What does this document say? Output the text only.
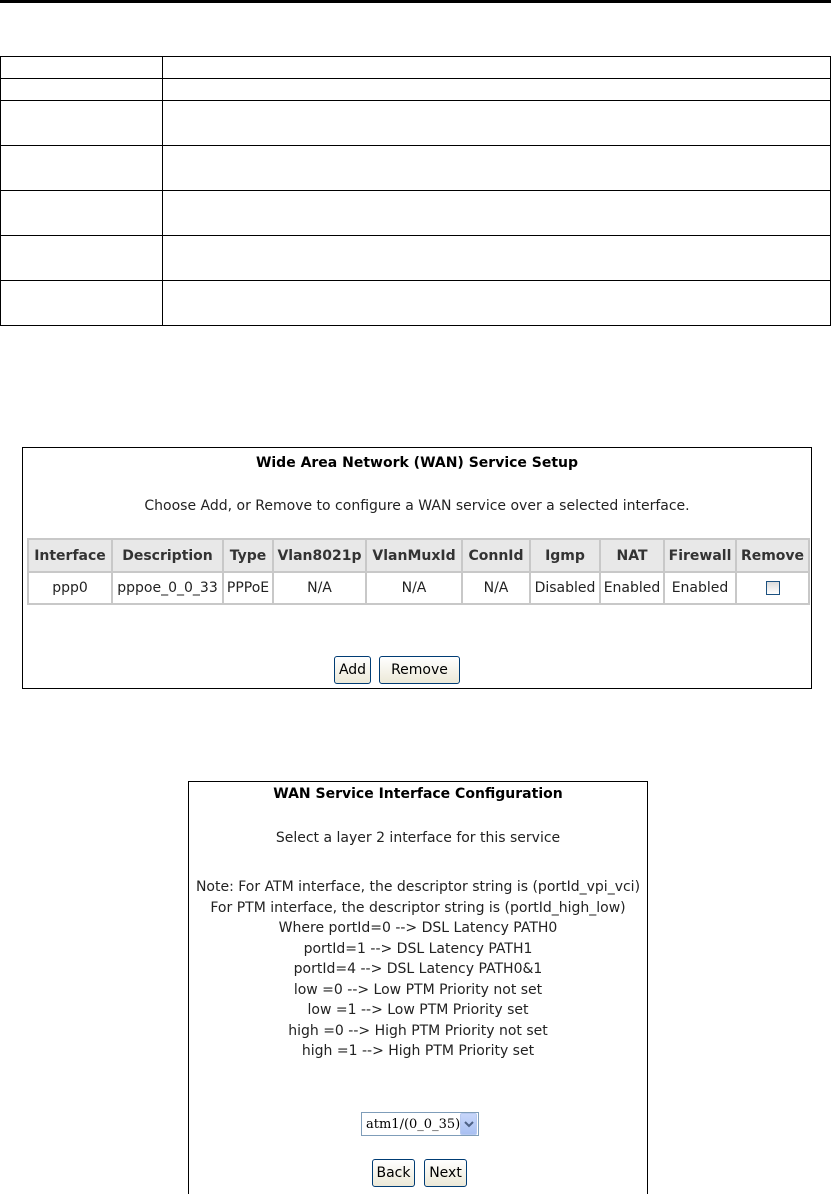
Wide Area Network (WAN) Service Setup
Choose Add, or Remove to configure a WAN service over a selected interface.
Interface	Description	Type	Vlan8021p	VlanMuxId	ConnId	Igmp	NAT	Firewall	Remove
ppp0	pppoe_0_0_33	PPPoE	N/A	N/A	N/A	Disabled	Enabled	Enabled	
Add	Remove
WAN Service Interface Configuration
Select a layer 2 interface for this service
Note: For ATM interface, the descriptor string is (portId_vpi_vci)
For PTM interface, the descriptor string is (portId_high_low)
Where portId=0 --> DSL Latency PATH0
portId=1 --> DSL Latency PATH1
portId=4 --> DSL Latency PATH0&1
low =0 --> Low PTM Priority not set
low =1 --> Low PTM Priority set
high =0 --> High PTM Priority not set
high =1 --> High PTM Priority set
atm1/(0_0_35)
Back	Next
